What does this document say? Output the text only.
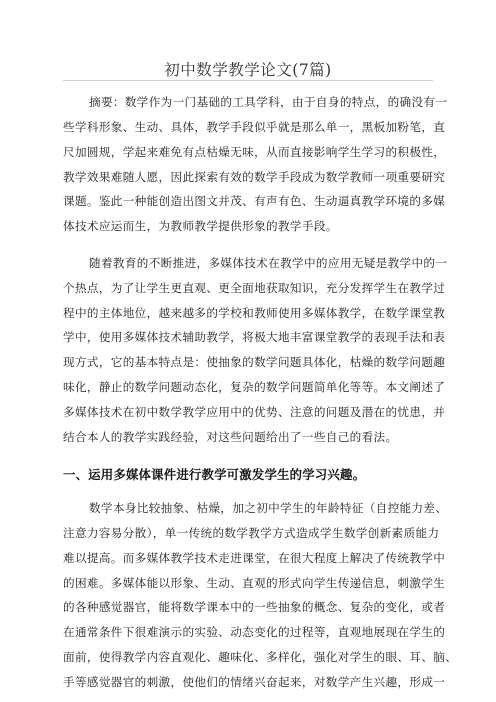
初中数学教学论文(7篇)
摘要：数学作为一门基础的工具学科，由于自身的特点，的确没有一
些学科形象、生动、具体，教学手段似乎就是那么单一，黑板加粉笔，直
尺加圆规，学起来难免有点枯燥无味，从而直接影响学生学习的积极性，
教学效果难随人愿，因此探索有效的数学手段成为数学教师一项重要研究
课题。鉴此一种能创造出图文并茂、有声有色、生动逼真教学环境的多媒
体技术应运而生，为教师教学提供形象的教学手段。
随着教育的不断推进，多媒体技术在教学中的应用无疑是教学中的一
个热点，为了让学生更直观、更全面地获取知识，充分发挥学生在教学过
程中的主体地位，越来越多的学校和教师使用多媒体教学，在数学课堂教
学中，使用多媒体技术辅助教学，将极大地丰富课堂教学的表现手法和表
现方式，它的基本特点是：使抽象的数学问题具体化，枯燥的数学问题趣
味化，静止的数学问题动态化，复杂的数学问题简单化等等。本文阐述了
多媒体技术在初中数学教学应用中的优势、注意的问题及潜在的忧患，并
结合本人的教学实践经验，对这些问题给出了一些自己的看法。
一、运用多媒体课件进行教学可激发学生的学习兴趣。
数学本身比较抽象、枯燥，加之初中学生的年龄特征（自控能力差、
注意力容易分散），单一传统的数学教学方式造成学生数学创新素质能力
难以提高。而多媒体教学技术走进课堂，在很大程度上解决了传统教学中
的困难。多媒体能以形象、生动、直观的形式向学生传递信息，刺激学生
的各种感觉器官，能将数学课本中的一些抽象的概念、复杂的变化，或者
在通常条件下很难演示的实验、动态变化的过程等，直观地展现在学生的
面前，使得教学内容直观化、趣味化、多样化，强化对学生的眼、耳、脑、
手等感觉器官的刺激，使他们的情绪兴奋起来，对数学产生兴趣，形成一
